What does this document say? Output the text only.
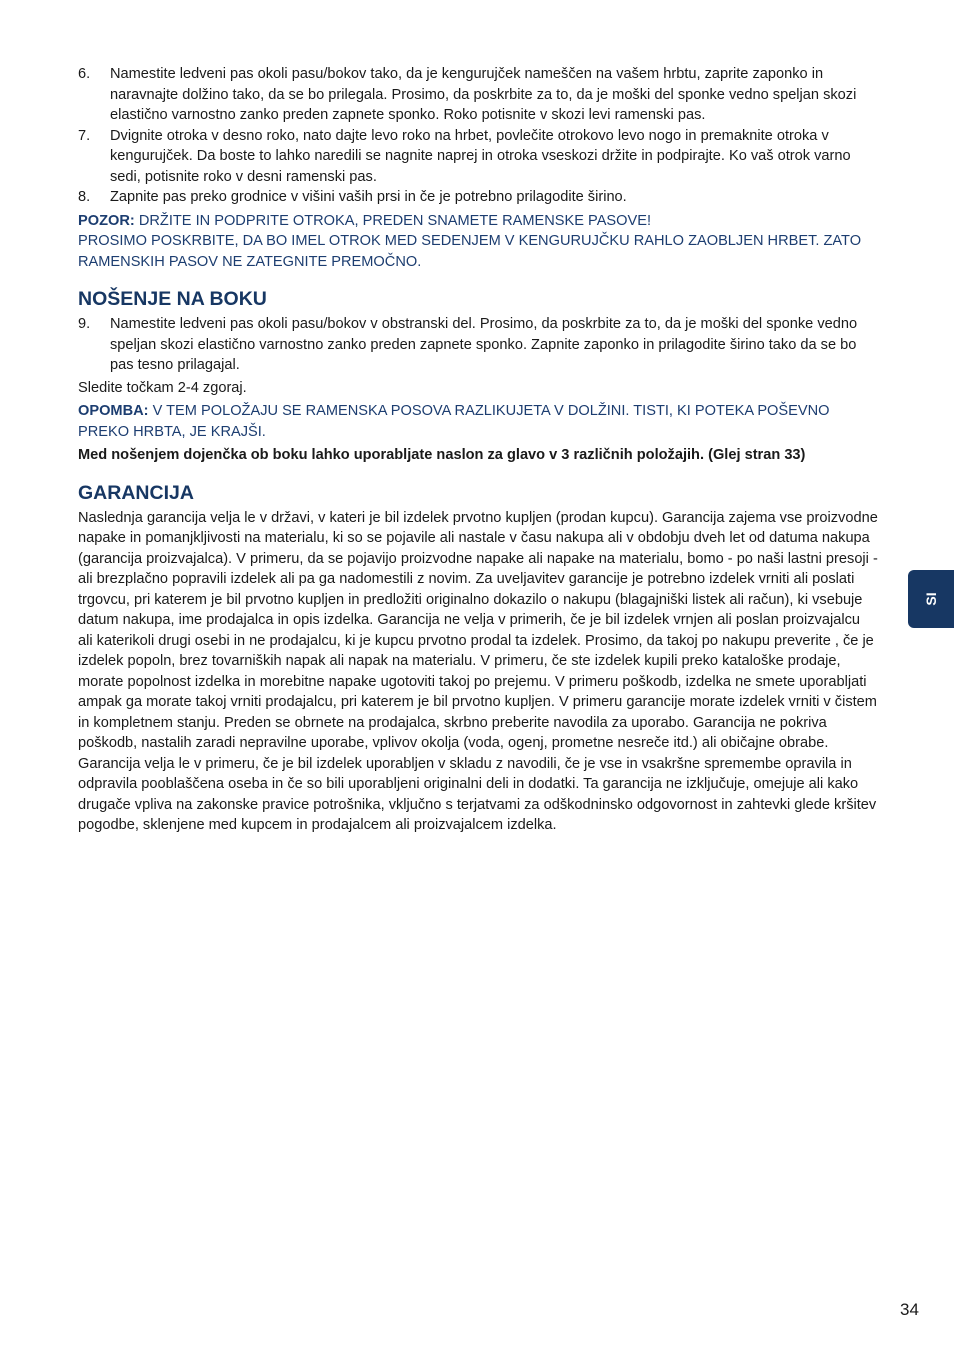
6. Namestite ledveni pas okoli pasu/bokov tako, da je kengurujček nameščen na vašem hrbtu, zaprite zaponko in naravnajte dolžino tako, da se bo prilegala. Prosimo, da poskrbite za to, da je moški del sponke vedno speljan skozi elastično varnostno zanko preden zapnete sponko. Roko potisnite v skozi levi ramenski pas.
7. Dvignite otroka v desno roko, nato dajte levo roko na hrbet, povlečite otrokovo levo nogo in premaknite otroka v kengurujček. Da boste to lahko naredili se nagnite naprej in otroka vseskozi držite in podpirajte. Ko vaš otrok varno sedi, potisnite roko v desni ramenski pas.
8. Zapnite pas preko grodnice v višini vaših prsi in če je potrebno prilagodite širino.
POZOR: DRŽITE IN PODPRITE OTROKA, PREDEN SNAMETE RAMENSKE PASOVE!
PROSIMO POSKRBITE, DA BO IMEL OTROK MED SEDENJEM V KENGURUJČKU RAHLO ZAOBLJEN HRBET. ZATO RAMENSKIH PASOV NE ZATEGNITE PREMOČNO.
NOŠENJE NA BOKU
9. Namestite ledveni pas okoli pasu/bokov v obstranski del. Prosimo, da poskrbite za to, da je moški del sponke vedno speljan skozi elastično varnostno zanko preden zapnete sponko. Zapnite zaponko in prilagodite širino tako da se bo pas tesno prilagajal.
Sledite točkam 2-4 zgoraj.
OPOMBA: V TEM POLOŽAJU SE RAMENSKA POSOVA RAZLIKUJETA V DOLŽINI. TISTI, KI POTEKA POŠEVNO PREKO HRBTA, JE KRAJŠI.
Med nošenjem dojenčka ob boku lahko uporabljate naslon za glavo v 3 različnih položajih. (Glej stran 33)
GARANCIJA
Naslednja garancija velja le v državi, v kateri je bil izdelek prvotno kupljen (prodan kupcu). Garancija zajema vse proizvodne napake in pomanjkljivosti na materialu, ki so se pojavile ali nastale v času nakupa ali v obdobju dveh let od datuma nakupa (garancija proizvajalca). V primeru, da se pojavijo proizvodne napake ali napake na materialu, bomo - po naši lastni presoji - ali brezplačno popravili izdelek ali pa ga nadomestili z novim. Za uveljavitev garancije je potrebno izdelek vrniti ali poslati trgovcu, pri katerem je bil prvotno kupljen in predložiti originalno dokazilo o nakupu (blagajniški listek ali račun), ki vsebuje datum nakupa, ime prodajalca in opis izdelka. Garancija ne velja v primerih, če je bil izdelek vrnjen ali poslan proizvajalcu ali katerikoli drugi osebi in ne prodajalcu, ki je kupcu prvotno prodal ta izdelek. Prosimo, da takoj po nakupu preverite , če je izdelek popoln, brez tovarniških napak ali napak na materialu. V primeru, če ste izdelek kupili preko kataloške prodaje, morate popolnost izdelka in morebitne napake ugotoviti takoj po prejemu. V primeru poškodb, izdelka ne smete uporabljati ampak ga morate takoj vrniti prodajalcu, pri katerem je bil prvotno kupljen. V primeru garancije morate izdelek vrniti v čistem in kompletnem stanju. Preden se obrnete na prodajalca, skrbno preberite navodila za uporabo. Garancija ne pokriva poškodb, nastalih zaradi nepravilne uporabe, vplivov okolja (voda, ogenj, prometne nesreče itd.) ali običajne obrabe. Garancija velja le v primeru, če je bil izdelek uporabljen v skladu z navodili, če je vse in vsakršne spremembe opravila in odpravila pooblaščena oseba in če so bili uporabljeni originalni deli in dodatki. Ta garancija ne izključuje, omejuje ali kako drugače vpliva na zakonske pravice potrošnika, vključno s terjatvami za odškodninsko odgovornost in zahtevki glede kršitev pogodbe, sklenjene med kupcem in prodajalcem ali proizvajalcem izdelka.
SI
34
